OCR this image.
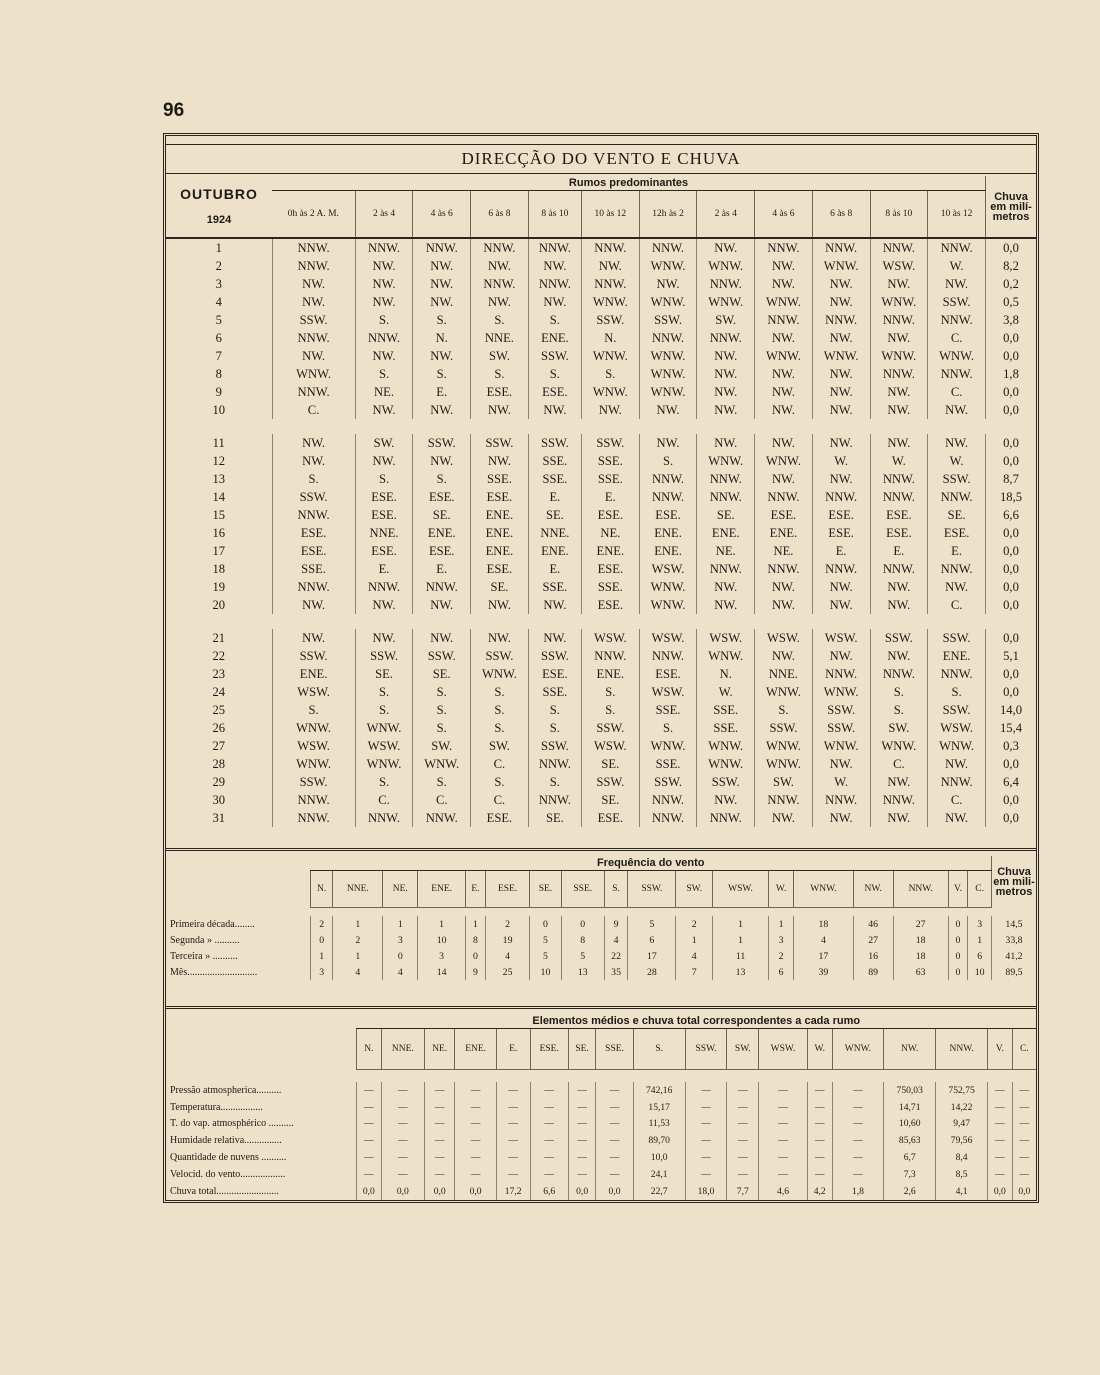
96
DIRECÇÃO DO VENTO E CHUVA
OUTUBRO
1924	Rumos predominantes												Chuva em milí- metros
	0h às 2 A. M.	2 às 4	4 às 6	6 às 8	8 às 10	10 às 12	12h às 2	2 às 4	4 às 6	6 às 8	8 às 10	10 às 12	
1	NNW.	NNW.	NNW.	NNW.	NNW.	NNW.	NNW.	NW.	NNW.	NNW.	NNW.	NNW.	0,0
2	NNW.	NW.	NW.	NW.	NW.	NW.	WNW.	WNW.	NW.	WNW.	WSW.	W.	8,2
3	NW.	NW.	NW.	NNW.	NNW.	NNW.	NW.	NNW.	NW.	NW.	NW.	NW.	0,2
4	NW.	NW.	NW.	NW.	NW.	WNW.	WNW.	WNW.	WNW.	NW.	WNW.	SSW.	0,5
5	SSW.	S.	S.	S.	S.	SSW.	SSW.	SW.	NNW.	NNW.	NNW.	NNW.	3,8
6	NNW.	NNW.	N.	NNE.	ENE.	N.	NNW.	NNW.	NW.	NW.	NW.	C.	0,0
7	NW.	NW.	NW.	SW.	SSW.	WNW.	WNW.	NW.	WNW.	WNW.	WNW.	WNW.	0,0
8	WNW.	S.	S.	S.	S.	S.	WNW.	NW.	NW.	NW.	NNW.	NNW.	1,8
9	NNW.	NE.	E.	ESE.	ESE.	WNW.	WNW.	NW.	NW.	NW.	NW.	C.	0,0
10	C.	NW.	NW.	NW.	NW.	NW.	NW.	NW.	NW.	NW.	NW.	NW.	0,0

11	NW.	SW.	SSW.	SSW.	SSW.	SSW.	NW.	NW.	NW.	NW.	NW.	NW.	0,0
12	NW.	NW.	NW.	NW.	SSE.	SSE.	S.	WNW.	WNW.	W.	W.	W.	0,0
13	S.	S.	S.	SSE.	SSE.	SSE.	NNW.	NNW.	NW.	NW.	NNW.	SSW.	8,7
14	SSW.	ESE.	ESE.	ESE.	E.	E.	NNW.	NNW.	NNW.	NNW.	NNW.	NNW.	18,5
15	NNW.	ESE.	SE.	ENE.	SE.	ESE.	ESE.	SE.	ESE.	ESE.	ESE.	SE.	6,6
16	ESE.	NNE.	ENE.	ENE.	NNE.	NE.	ENE.	ENE.	ENE.	ESE.	ESE.	ESE.	0,0
17	ESE.	ESE.	ESE.	ENE.	ENE.	ENE.	ENE.	NE.	NE.	E.	E.	E.	0,0
18	SSE.	E.	E.	ESE.	E.	ESE.	WSW.	NNW.	NNW.	NNW.	NNW.	NNW.	0,0
19	NNW.	NNW.	NNW.	SE.	SSE.	SSE.	WNW.	NW.	NW.	NW.	NW.	NW.	0,0
20	NW.	NW.	NW.	NW.	NW.	ESE.	WNW.	NW.	NW.	NW.	NW.	C.	0,0

21	NW.	NW.	NW.	NW.	NW.	WSW.	WSW.	WSW.	WSW.	WSW.	SSW.	SSW.	0,0
22	SSW.	SSW.	SSW.	SSW.	SSW.	NNW.	NNW.	WNW.	NW.	NW.	NW.	ENE.	5,1
23	ENE.	SE.	SE.	WNW.	ESE.	ENE.	ESE.	N.	NNE.	NNW.	NNW.	NNW.	0,0
24	WSW.	S.	S.	S.	SSE.	S.	WSW.	W.	WNW.	WNW.	S.	S.	0,0
25	S.	S.	S.	S.	S.	S.	SSE.	SSE.	S.	SSW.	S.	SSW.	14,0
26	WNW.	WNW.	S.	S.	S.	SSW.	S.	SSE.	SSW.	SSW.	SW.	WSW.	15,4
27	WSW.	WSW.	SW.	SW.	SSW.	WSW.	WNW.	WNW.	WNW.	WNW.	WNW.	WNW.	0,3
28	WNW.	WNW.	WNW.	C.	NNW.	SE.	SSE.	WNW.	WNW.	NW.	C.	NW.	0,0
29	SSW.	S.	S.	S.	S.	SSW.	SSW.	SSW.	SW.	W.	NW.	NNW.	6,4
30	NNW.	C.	C.	C.	NNW.	SE.	NNW.	NW.	NNW.	NNW.	NNW.	C.	0,0
31	NNW.	NNW.	NNW.	ESE.	SE.	ESE.	NNW.	NNW.	NW.	NW.	NW.	NW.	0,0
	Frequência do vento																		Chuva em mili- metros
	N.	NNE.	NE.	ENE.	E.	ESE.	SE.	SSE.	S.	SSW.	SW.	WSW.	W.	WNW.	NW.	NNW.	V.	C.	

Primeira década........	2	1	1	1	1	2	0	0	9	5	2	1	1	18	46	27	0	3	14,5
Segunda » ..........	0	2	3	10	8	19	5	8	4	6	1	1	3	4	27	18	0	1	33,8
Terceira » ..........	1	1	0	3	0	4	5	5	22	17	4	11	2	17	16	18	0	6	41,2
Mês............................	3	4	4	14	9	25	10	13	35	28	7	13	6	39	89	63	0	10	89,5
	Elementos médios e chuva total correspondentes a cada rumo																	
	N.	NNE.	NE.	ENE.	E.	ESE.	SE.	SSE.	S.	SSW.	SW.	WSW.	W.	WNW.	NW.	NNW.	V.	C.

Pressão atmospherica..........	—	—	—	—	—	—	—	—	742,16	—	—	—	—	—	750,03	752,75	—	—
Temperatura.................	—	—	—	—	—	—	—	—	15,17	—	—	—	—	—	14,71	14,22	—	—
T. do vap. atmosphérico ..........	—	—	—	—	—	—	—	—	11,53	—	—	—	—	—	10,60	9,47	—	—
Humidade relativa...............	—	—	—	—	—	—	—	—	89,70	—	—	—	—	—	85,63	79,56	—	—
Quantidade de nuvens ..........	—	—	—	—	—	—	—	—	10,0	—	—	—	—	—	6,7	8,4	—	—
Velocid. do vento..................	—	—	—	—	—	—	—	—	24,1	—	—	—	—	—	7,3	8,5	—	—
Chuva total.........................	0,0	0,0	0,0	0,0	17,2	6,6	0,0	0,0	22,7	18,0	7,7	4,6	4,2	1,8	2,6	4,1	0,0	0,0
